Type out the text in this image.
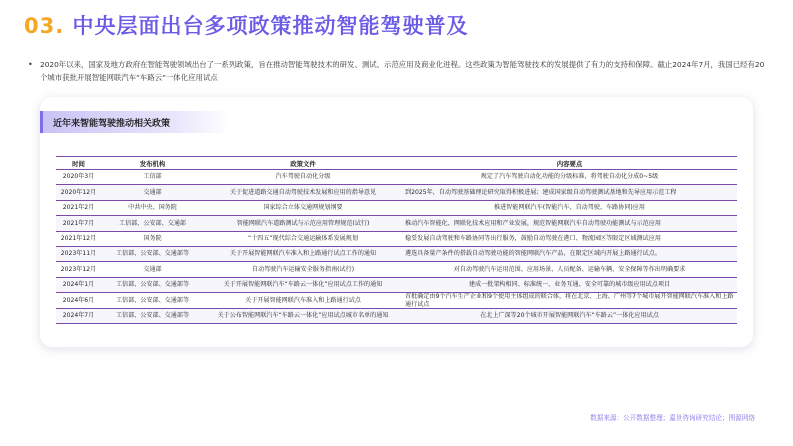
03. 中央层面出台多项政策推动智能驾驶普及
• 2020年以来，国家及地方政府在智能驾驶领域出台了一系列政策，旨在推动智能驾驶技术的研发、测试、示范应用及商业化进程。这些政策为智能驾驶技术的发展提供了有力的支持和保障。截止2024年7月，我国已经有20个城市获批开展智能网联汽车“车路云”一体化应用试点
近年来智能驾驶推动相关政策
时间	发布机构	政策文件	内容要点
2020年3月	工信部	汽车驾驶自动化分级	规定了汽车驾驶自动化功能的分级标准，将驾驶自动化分成0~5级
2020年12月	交通部	关于促进道路交通自动驾驶技术发展和应用的指导意见	到2025年，自动驾驶基础理论研究取得积极进展；建成国家级自动驾驶测试基地和先导应用示范工程
2021年2月	中共中央、国务院	国家综合立体交通网规划纲要	推进智能网联汽车(智能汽车、自动驾驶、车路协同)应用
2021年7月	工信部、公安部、交通部	智能网联汽车道路测试与示范应用管理规范(试行)	推动汽车智能化、网联化技术应用和产业发展，规范智能网联汽车自动驾驶功能测试与示范应用
2021年12月	国务院	“十四五”现代综合交通运输体系发展规划	稳妥发展自动驾驶和车路协同等出行服务，鼓励自动驾驶在港口、物流园区等限定区域测试应用
2023年11月	工信部、公安部、交通部等	关于开展智能网联汽车准入和上路通行试点工作的通知	遴选具备量产条件的搭载自动驾驶功能的智能网联汽车产品，在限定区域内开展上路通行试点。
2023年12月	交通部	自动驾驶汽车运输安全服务指南(试行)	对自动驾驶汽车运用范围、应用场景、人员配备、运输车辆、安全保障等作出明确要求
2024年1月	工信部、公安部、交通部等	关于开展智能网联汽车“车路云一体化”应用试点工作的通知	建成一批架构相同、标准统一、业务互通、安全可靠的城市级应用试点项目
2024年6月	工信部、公安部、交通部等	关于开展智能网联汽车准入和上路通行试点	首批确定由9个汽车生产企业和9个使用主体组成的联合体，将在北京、上海、广州等7个城市展开智能网联汽车准入和上路通行试点
2024年7月	工信部、公安部、交通部等	关于公布智能网联汽车“车路云一体化”应用试点城市名单的通知	在北上广深等20个城市开展智能网联汽车“车路云”一体化应用试点
数据来源：公开数据整理；嘉世咨询研究结论；图源网络
